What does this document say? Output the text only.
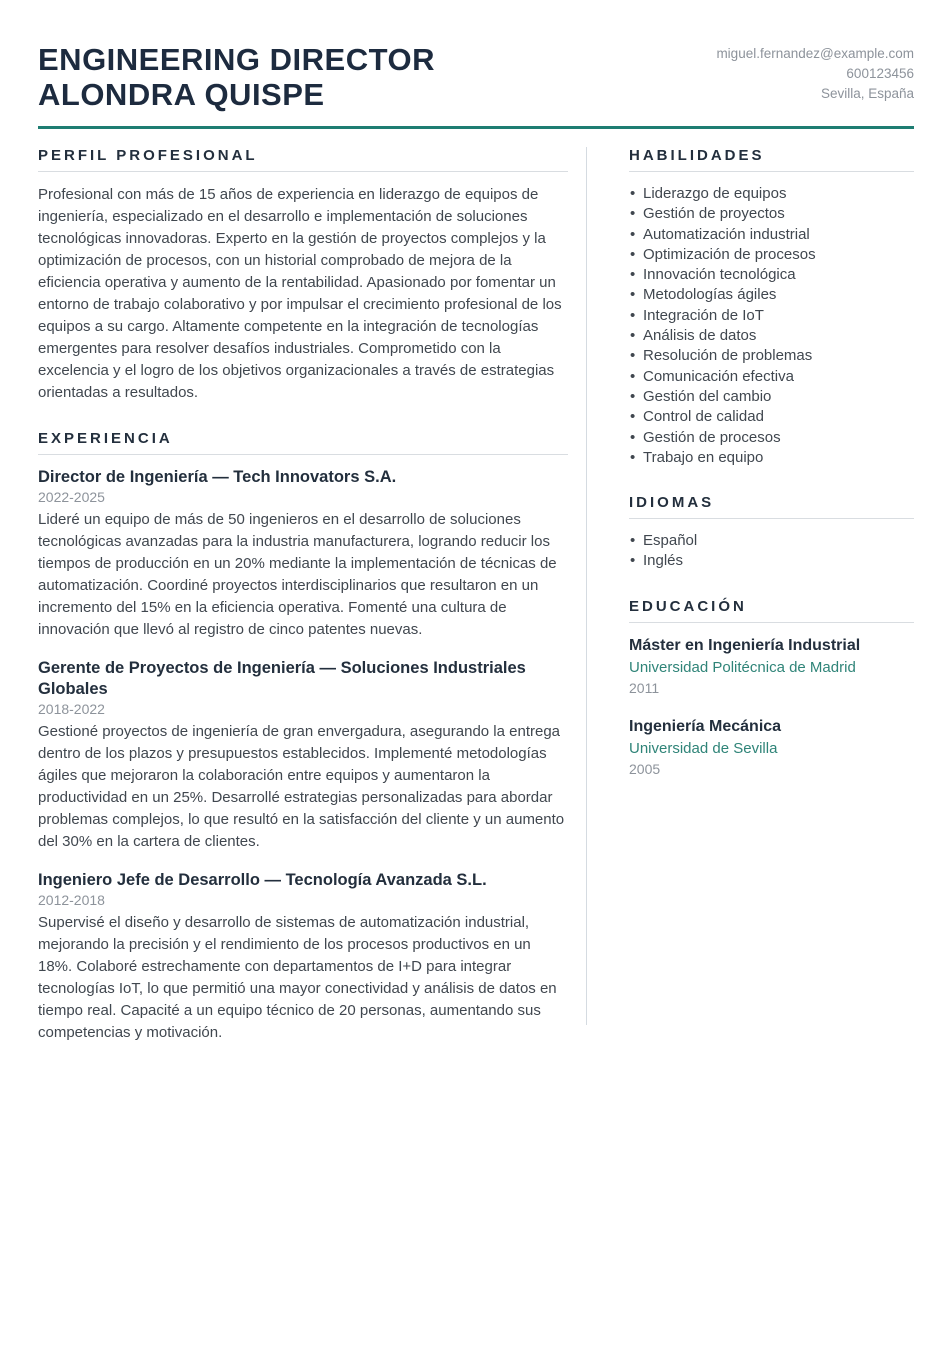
ENGINEERING DIRECTOR
ALONDRA QUISPE
miguel.fernandez@example.com
600123456
Sevilla, España
PERFIL PROFESIONAL

Profesional con más de 15 años de experiencia en liderazgo de equipos de ingeniería, especializado en el desarrollo e implementación de soluciones tecnológicas innovadoras. Experto en la gestión de proyectos complejos y la optimización de procesos, con un historial comprobado de mejora de la eficiencia operativa y aumento de la rentabilidad. Apasionado por fomentar un entorno de trabajo colaborativo y por impulsar el crecimiento profesional de los equipos a su cargo. Altamente competente en la integración de tecnologías emergentes para resolver desafíos industriales. Comprometido con la excelencia y el logro de los objetivos organizacionales a través de estrategias orientadas a resultados.

EXPERIENCIA
Director de Ingeniería — Tech Innovators S.A.
2022-2025

Lideré un equipo de más de 50 ingenieros en el desarrollo de soluciones tecnológicas avanzadas para la industria manufacturera, logrando reducir los tiempos de producción en un 20% mediante la implementación de técnicas de automatización. Coordiné proyectos interdisciplinarios que resultaron en un incremento del 15% en la eficiencia operativa. Fomenté una cultura de innovación que llevó al registro de cinco patentes nuevas.

Gerente de Proyectos de Ingeniería — Soluciones Industriales Globales
2018-2022

Gestioné proyectos de ingeniería de gran envergadura, asegurando la entrega dentro de los plazos y presupuestos establecidos. Implementé metodologías ágiles que mejoraron la colaboración entre equipos y aumentaron la productividad en un 25%. Desarrollé estrategias personalizadas para abordar problemas complejos, lo que resultó en la satisfacción del cliente y un aumento del 30% en la cartera de clientes.

Ingeniero Jefe de Desarrollo — Tecnología Avanzada S.L.
2012-2018

Supervisé el diseño y desarrollo de sistemas de automatización industrial, mejorando la precisión y el rendimiento de los procesos productivos en un 18%. Colaboré estrechamente con departamentos de I+D para integrar tecnologías IoT, lo que permitió una mayor conectividad y análisis de datos en tiempo real. Capacité a un equipo técnico de 20 personas, aumentando sus competencias y motivación.

HABILIDADES
• Liderazgo de equipos
• Gestión de proyectos
• Automatización industrial
• Optimización de procesos
• Innovación tecnológica
• Metodologías ágiles
• Integración de IoT
• Análisis de datos
• Resolución de problemas
• Comunicación efectiva
• Gestión del cambio
• Control de calidad
• Gestión de procesos
• Trabajo en equipo
IDIOMAS
• Español
• Inglés
EDUCACIÓN
Máster en Ingeniería Industrial
Universidad Politécnica de Madrid
2011
Ingeniería Mecánica
Universidad de Sevilla
2005
